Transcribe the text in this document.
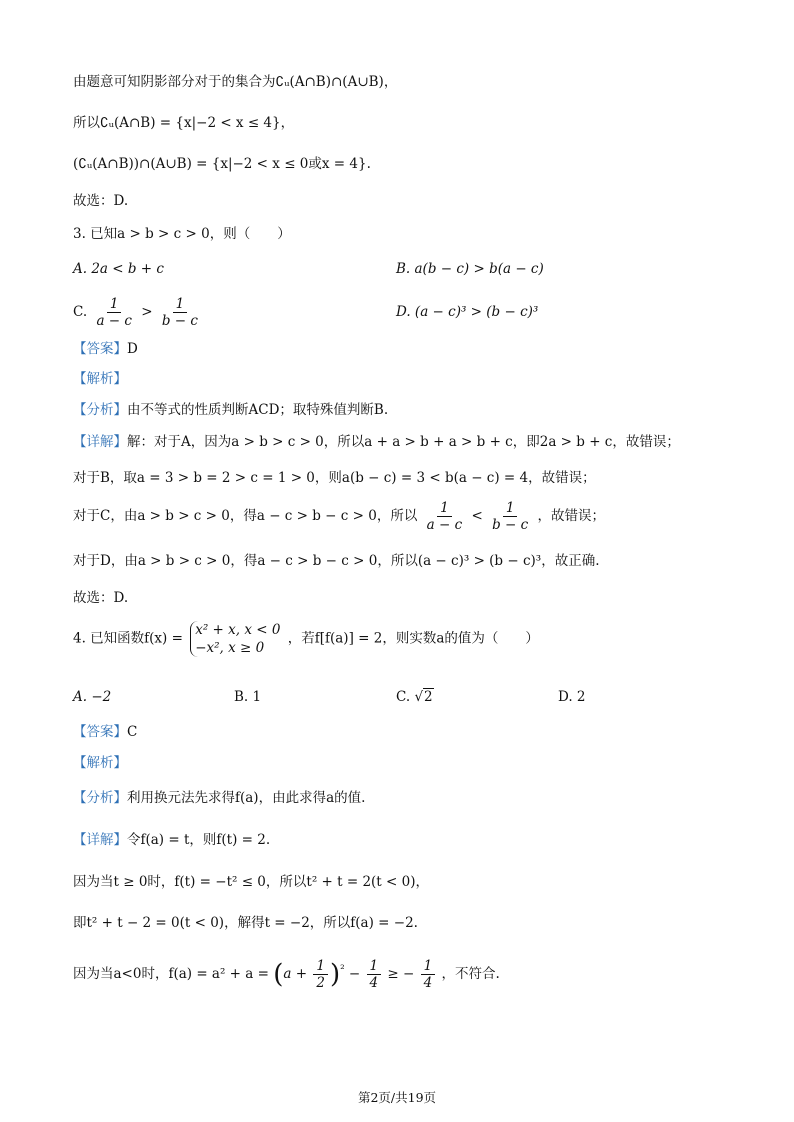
由题意可知阴影部分对于的集合为∁ᵤ(A∩B)∩(A∪B)，
所以∁ᵤ(A∩B) = {x|−2 < x ≤ 4}，
(∁ᵤ(A∩B))∩(A∪B) = {x|−2 < x ≤ 0或x = 4}.
故选：D.
3. 已知a > b > c > 0，则（　　）
A. 2a < b + c	B. a(b − c) > b(a − c)
C. $\frac{1}{a - c} > \frac{1}{b - c}$	D. (a − c)³ > (b − c)³
【答案】D
【解析】
【分析】由不等式的性质判断ACD；取特殊值判断B.
【详解】解：对于A，因为a > b > c > 0，所以a + a > b + a > b + c，即2a > b + c，故错误；
对于B，取a = 3 > b = 2 > c = 1 > 0，则a(b − c) = 3 < b(a − c) = 4，故错误；
对于C，由a > b > c > 0，得a − c > b − c > 0，所以 $\frac{1}{a - c} < \frac{1}{b - c}$ ，故错误；
对于D，由a > b > c > 0，得a − c > b − c > 0，所以(a − c)³ > (b − c)³，故正确.
故选：D.
4. 已知函数f(x) =
x² + x, x < 0
−x², x ≥ 0
，若f[f(a)] = 2，则实数a的值为（　　）
A. −2	B. 1	C. √2	D. 2
【答案】C
【解析】
【分析】利用换元法先求得f(a)，由此求得a的值.
【详解】令f(a) = t，则f(t) = 2.
因为当t ≥ 0时，f(t) = −t² ≤ 0，所以t² + t = 2(t < 0)，
即t² + t − 2 = 0(t < 0)，解得t = −2，所以f(a) = −2.
因为当a<0时，$f(a) = a^2 + a = (a + \frac{1}{2} )^{^2} - \frac{1}{4}$ ≥ − $\frac{1}{4}$ ，不符合.
第2页/共19页
